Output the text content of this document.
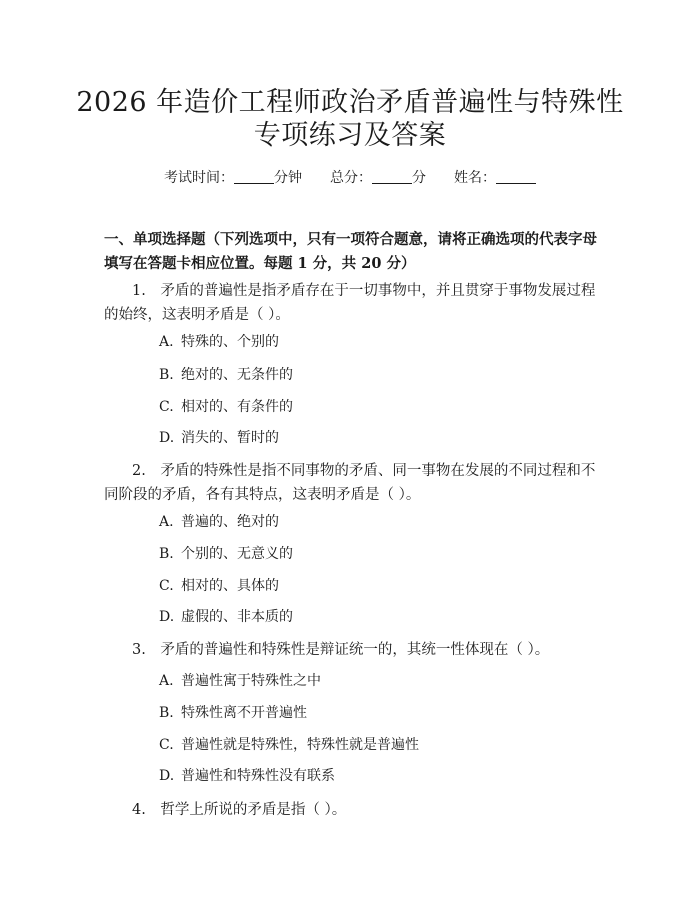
2026 年造价工程师政治矛盾普遍性与特殊性
专项练习及答案
考试时间：	分钟 总分：	分 姓名：
一、单项选择题（下列选项中，只有一项符合题意，请将正确选项的代表字母填写在答题卡相应位置。每题 1 分，共 20 分）
1.　矛盾的普遍性是指矛盾存在于一切事物中，并且贯穿于事物发展过程的始终，这表明矛盾是（ ）。
A. 特殊的、个别的
B. 绝对的、无条件的
C. 相对的、有条件的
D. 消失的、暂时的
2.　矛盾的特殊性是指不同事物的矛盾、同一事物在发展的不同过程和不同阶段的矛盾，各有其特点，这表明矛盾是（ ）。
A. 普遍的、绝对的
B. 个别的、无意义的
C. 相对的、具体的
D. 虚假的、非本质的
3.　矛盾的普遍性和特殊性是辩证统一的，其统一性体现在（ ）。
A. 普遍性寓于特殊性之中
B. 特殊性离不开普遍性
C. 普遍性就是特殊性，特殊性就是普遍性
D. 普遍性和特殊性没有联系
4.　哲学上所说的矛盾是指（ ）。
